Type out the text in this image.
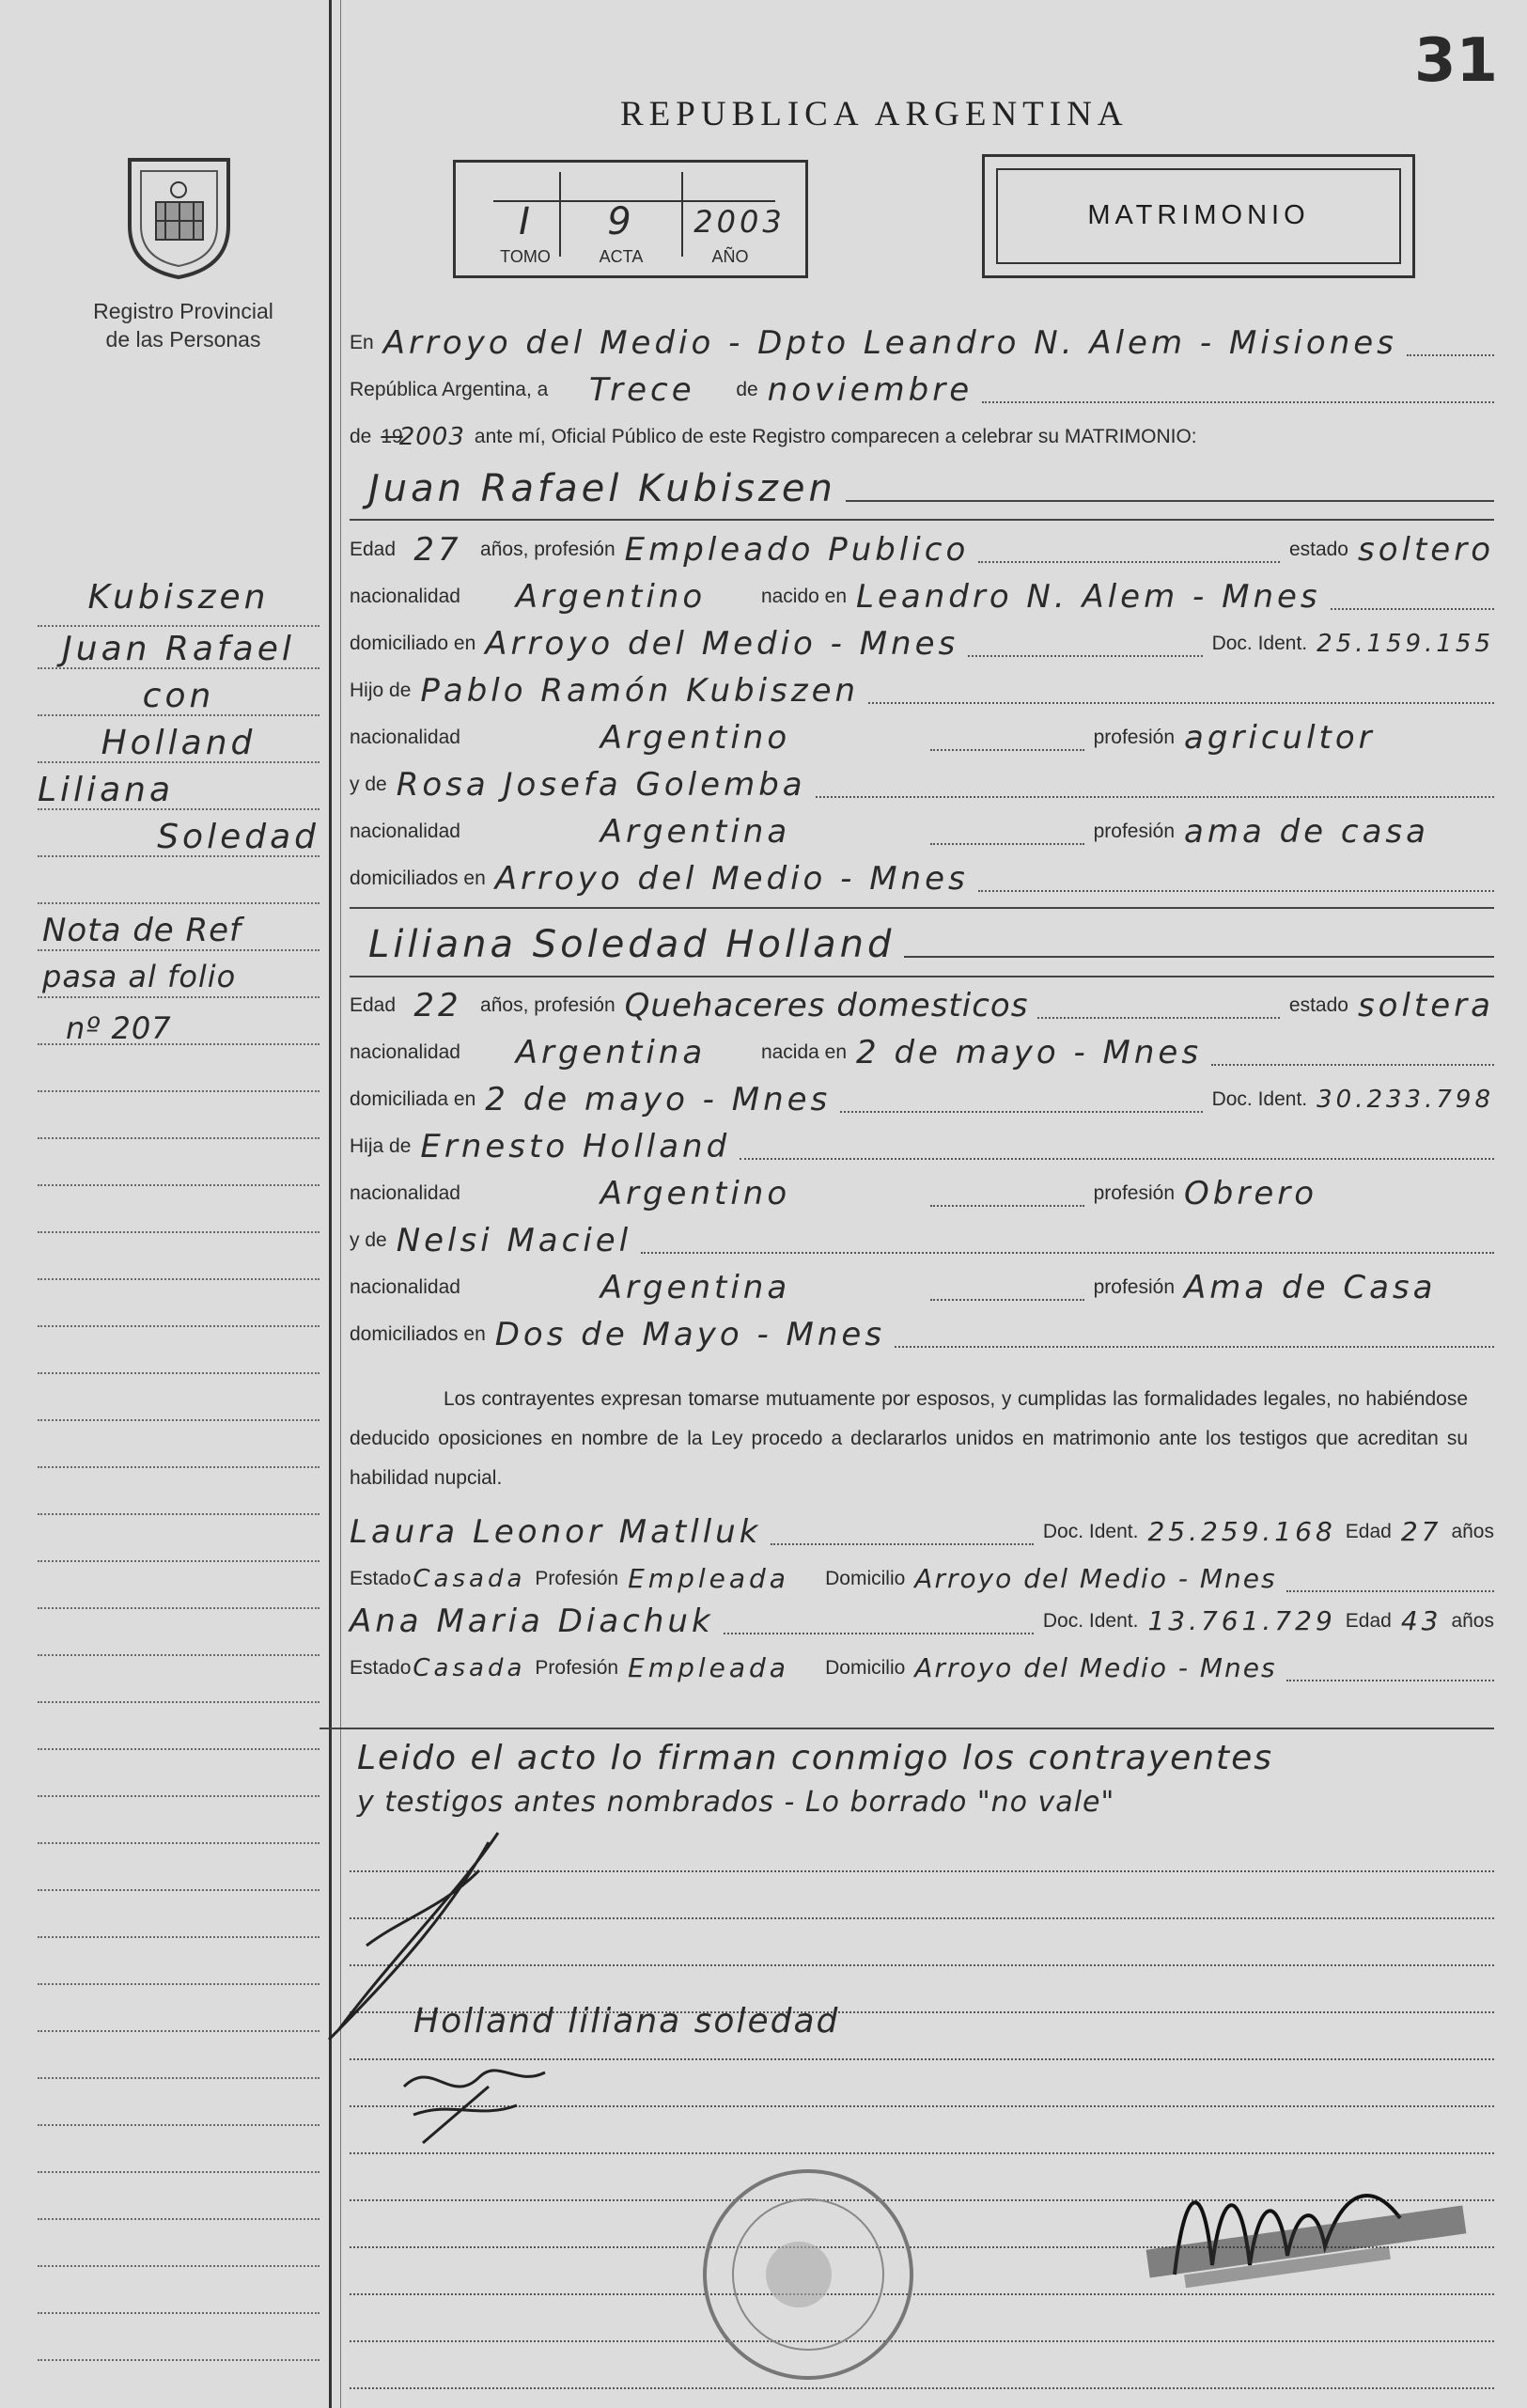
31
REPUBLICA ARGENTINA
Registro Provincial
de las Personas
I	9	2003
TOMO	ACTA	AÑO
MATRIMONIO
En Arroyo del Medio - Dpto Leandro N. Alem - Misiones
República Argentina, a	Trece	de noviembre
de 19
2003 ante mí, Oficial Público de este Registro comparecen a celebrar su MATRIMONIO:
Juan Rafael Kubiszen
Edad 27 años, profesión Empleado Publico	estado soltero
nacionalidad	Argentino	nacido en Leandro N. Alem - Mnes
domiciliado en Arroyo del Medio - Mnes	Doc. Ident. 25.159.155
Hijo de Pablo Ramón Kubiszen
nacionalidad	Argentino	profesión agricultor
y de Rosa Josefa Golemba
nacionalidad	Argentina	profesión ama de casa
domiciliados en Arroyo del Medio - Mnes
Liliana Soledad Holland
Edad 22 años, profesión Quehaceres domesticos	estado soltera
nacionalidad	Argentina	nacida en 2 de mayo - Mnes
domiciliada en 2 de mayo - Mnes	Doc. Ident. 30.233.798
Hija de Ernesto Holland
nacionalidad	Argentino	profesión Obrero
y de Nelsi Maciel
nacionalidad	Argentina	profesión Ama de Casa
domiciliados en Dos de Mayo - Mnes
Los contrayentes expresan tomarse mutuamente por esposos, y cumplidas las formalidades legales, no habiéndose deducido oposiciones en nombre de la Ley procedo a declararlos unidos en matrimonio ante los testigos que acreditan su habilidad nupcial.
Laura Leonor Matlluk	Doc. Ident. 25.259.168 Edad 27 años
Estado Casada Profesión Empleada	Domicilio Arroyo del Medio - Mnes
Ana Maria Diachuk	Doc. Ident. 13.761.729 Edad 43 años
Estado Casada Profesión Empleada	Domicilio Arroyo del Medio - Mnes
Leido el acto lo firman conmigo los contrayentes
y testigos antes nombrados - Lo borrado "no vale"
Holland liliana soledad
Kubiszen
Juan Rafael
con
Holland
Liliana
Soledad
Nota de Ref
pasa al folio
nº 207
